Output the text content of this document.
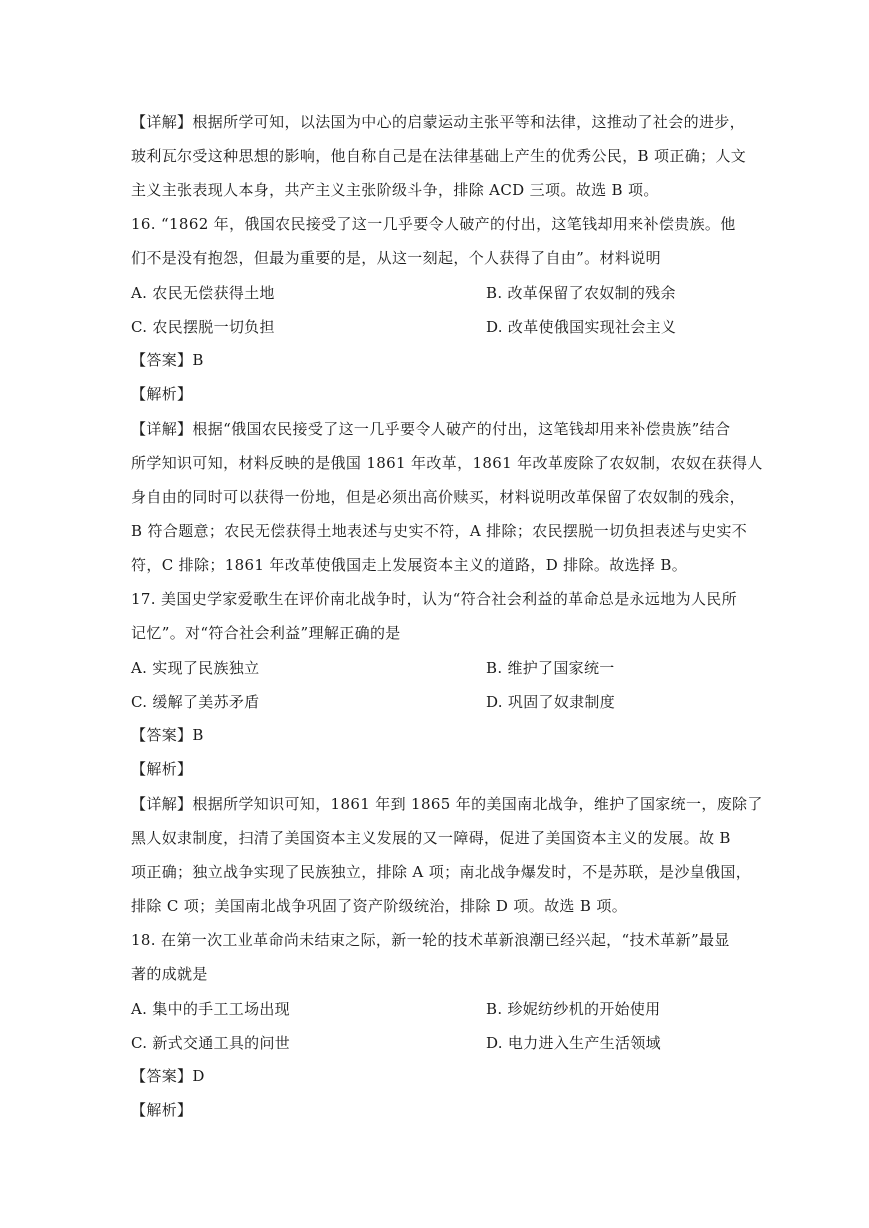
【详解】根据所学可知，以法国为中心的启蒙运动主张平等和法律，这推动了社会的进步，
玻利瓦尔受这种思想的影响，他自称自己是在法律基础上产生的优秀公民，B 项正确；人文
主义主张表现人本身，共产主义主张阶级斗争，排除 ACD 三项。故选 B 项。
16. “1862 年，俄国农民接受了这一几乎要令人破产的付出，这笔钱却用来补偿贵族。他
们不是没有抱怨，但最为重要的是，从这一刻起，个人获得了自由”。材料说明
A. 农民无偿获得土地	B. 改革保留了农奴制的残余
C. 农民摆脱一切负担	D. 改革使俄国实现社会主义
【答案】B
【解析】
【详解】根据“俄国农民接受了这一几乎要令人破产的付出，这笔钱却用来补偿贵族”结合
所学知识可知，材料反映的是俄国 1861 年改革，1861 年改革废除了农奴制，农奴在获得人
身自由的同时可以获得一份地，但是必须出高价赎买，材料说明改革保留了农奴制的残余，
B 符合题意；农民无偿获得土地表述与史实不符，A 排除；农民摆脱一切负担表述与史实不
符，C 排除；1861 年改革使俄国走上发展资本主义的道路，D 排除。故选择 B。
17. 美国史学家爱歌生在评价南北战争时，认为“符合社会利益的革命总是永远地为人民所
记忆”。对“符合社会利益”理解正确的是
A. 实现了民族独立	B. 维护了国家统一
C. 缓解了美苏矛盾	D. 巩固了奴隶制度
【答案】B
【解析】
【详解】根据所学知识可知，1861 年到 1865 年的美国南北战争，维护了国家统一，废除了
黑人奴隶制度，扫清了美国资本主义发展的又一障碍，促进了美国资本主义的发展。故 B
项正确；独立战争实现了民族独立，排除 A 项；南北战争爆发时，不是苏联，是沙皇俄国，
排除 C 项；美国南北战争巩固了资产阶级统治，排除 D 项。故选 B 项。
18. 在第一次工业革命尚未结束之际，新一轮的技术革新浪潮已经兴起，“技术革新”最显
著的成就是
A. 集中的手工工场出现	B. 珍妮纺纱机的开始使用
C. 新式交通工具的问世	D. 电力进入生产生活领域
【答案】D
【解析】
